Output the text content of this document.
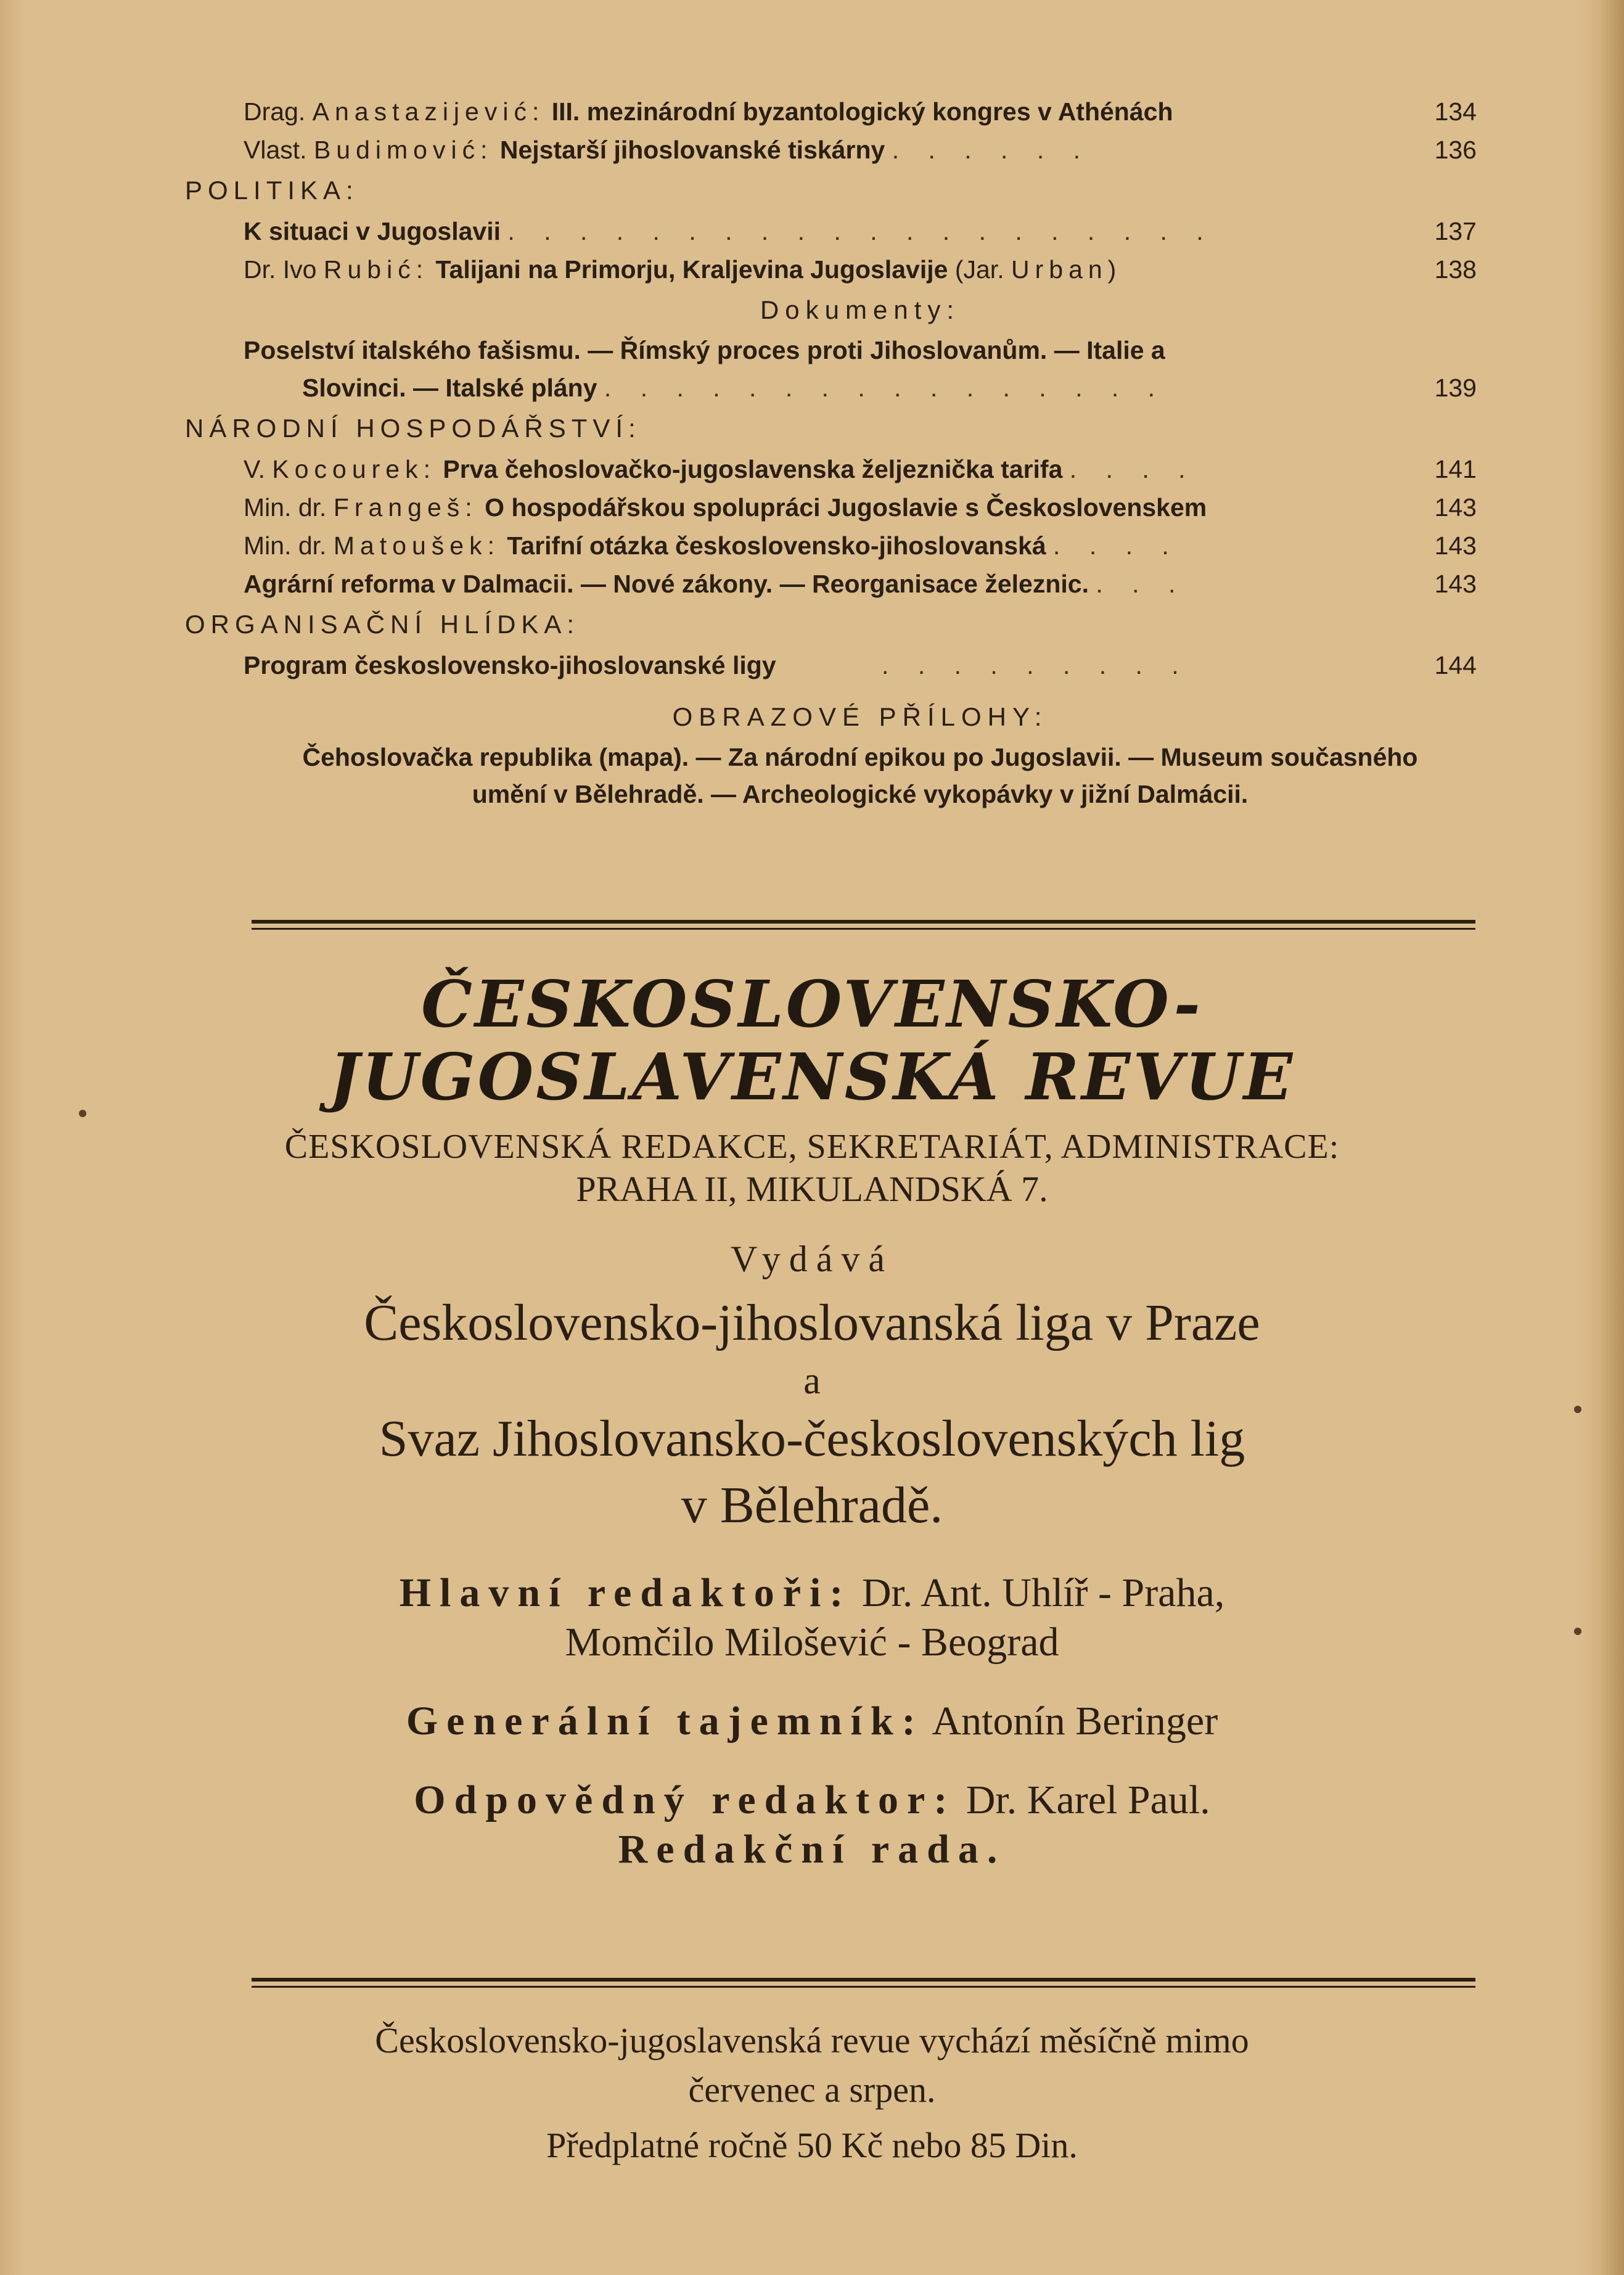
Drag. Anastazijević: III. mezinárodní byzantologický kongres v Athénách	134
Vlast. Budimović: Nejstarší jihoslovanské tiskárny . . . . . .	136
POLITIKA:
K situaci v Jugoslavii . . . . . . . . . . . . . . . . . . . .	137
Dr. Ivo Rubić: Talijani na Primorju, Kraljevina Jugoslavije (Jar. Urban)	138
Dokumenty:
Poselství italského fašismu. — Římský proces proti Jihoslovanům. — Italie a
Slovinci. — Italské plány . . . . . . . . . . . . . . . .	139
NÁRODNÍ HOSPODÁŘSTVÍ:
V. Kocourek: Prva čehoslovačko-jugoslavenska željeznička tarifa . . . .	141
Min. dr. Frangeš: O hospodářskou spolupráci Jugoslavie s Československem	143
Min. dr. Matoušek: Tarifní otázka československo-jihoslovanská . . . .	143
Agrární reforma v Dalmacii. — Nové zákony. — Reorganisace železnic. . . .	143
ORGANISAČNÍ HLÍDKA:
Program československo-jihoslovanské ligy	. . . . . . . . .	144
OBRAZOVÉ PŘÍLOHY:
Čehoslovačka republika (mapa). — Za národní epikou po Jugoslavii. — Museum současného
umění v Bělehradě. — Archeologické vykopávky v jižní Dalmácii.
ČESKOSLOVENSKO-
JUGOSLAVENSKÁ REVUE
ČESKOSLOVENSKÁ REDAKCE, SEKRETARIÁT, ADMINISTRACE:
PRAHA II, MIKULANDSKÁ 7.
Vydává
Československo-jihoslovanská liga v Praze
a
Svaz Jihoslovansko-československých lig
v Bělehradě.
Hlavní redaktoři: Dr. Ant. Uhlíř - Praha,
Momčilo Milošević - Beograd
Generální tajemník: Antonín Beringer
Odpovědný redaktor: Dr. Karel Paul.
Redakční rada.
Československo-jugoslavenská revue vychází měsíčně mimo
červenec a srpen.
Předplatné ročně 50 Kč nebo 85 Din.
